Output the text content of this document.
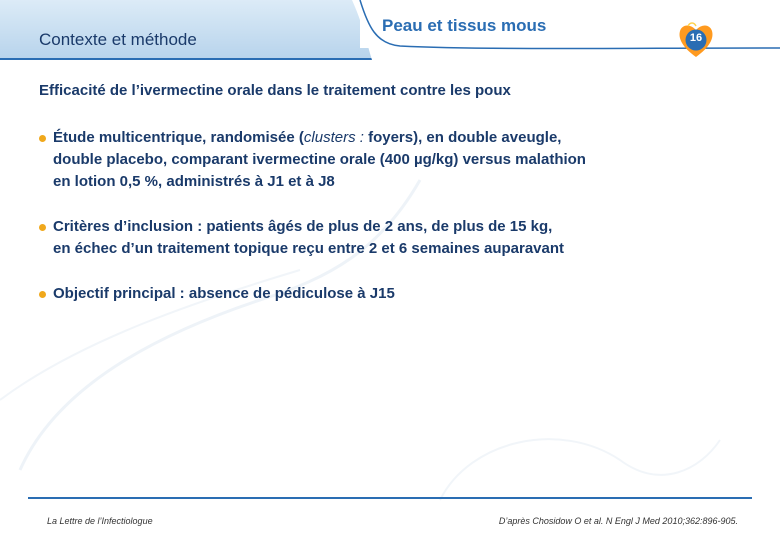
Contexte et méthode
Peau et tissus mous
16
Efficacité de l’ivermectine orale dans le traitement contre les poux
Étude multicentrique, randomisée (clusters : foyers), en double aveugle,
double placebo, comparant ivermectine orale (400 µg/kg) versus malathion
en lotion 0,5 %, administrés à J1 et à J8
Critères d’inclusion : patients âgés de plus de 2 ans, de plus de 15 kg,
en échec d’un traitement topique reçu entre 2 et 6 semaines auparavant
Objectif principal : absence de pédiculose à J15
La Lettre de l’Infectiologue	D’après Chosidow O et al. N Engl J Med 2010;362:896-905.
